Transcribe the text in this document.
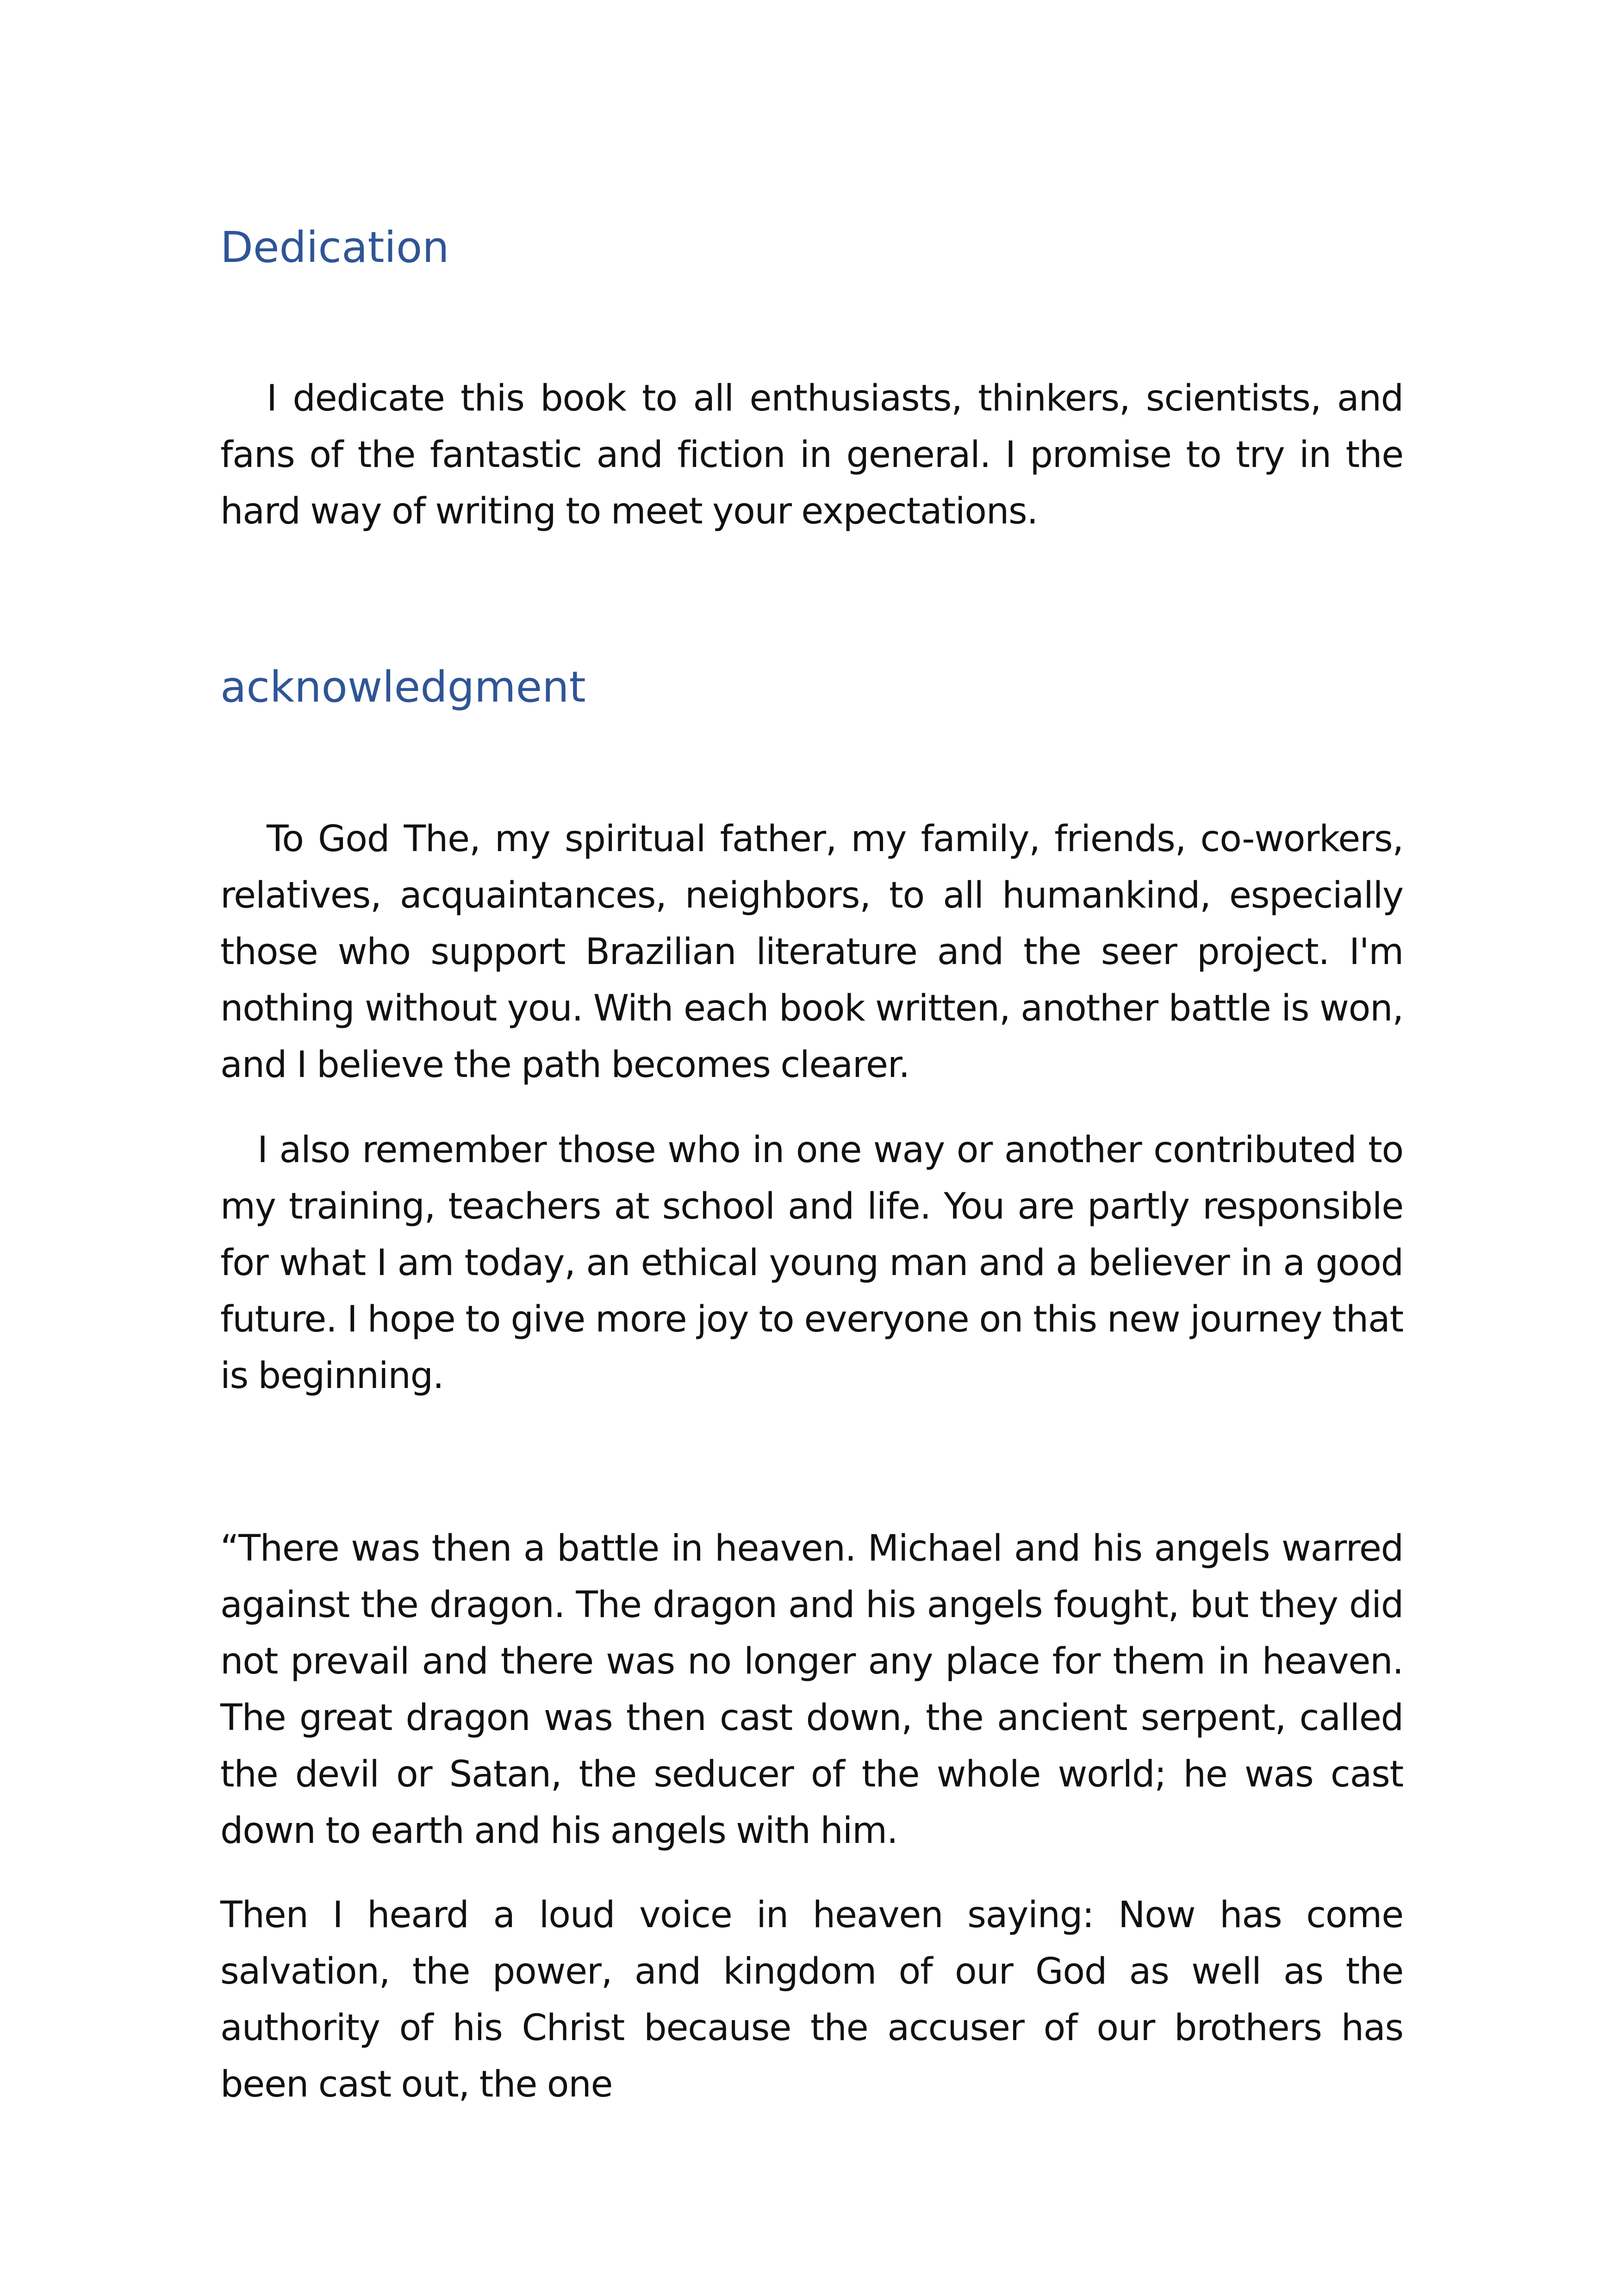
Dedication

I dedicate this book to all enthusiasts, thinkers, scientists, and fans of the fantastic and fiction in general. I promise to try in the hard way of writing to meet your expectations.

acknowledgment

To God The, my spiritual father, my family, friends, co-workers, relatives, acquaintances, neighbors, to all humankind, especially those who support Brazilian literature and the seer project. I'm nothing without you. With each book written, another battle is won, and I believe the path becomes clearer.

I also remember those who in one way or another contributed to my training, teachers at school and life. You are partly responsible for what I am today, an ethical young man and a believer in a good future. I hope to give more joy to everyone on this new journey that is beginning.

“There was then a battle in heaven. Michael and his angels warred against the dragon. The dragon and his angels fought, but they did not prevail and there was no longer any place for them in heaven. The great dragon was then cast down, the ancient serpent, called the devil or Satan, the seducer of the whole world; he was cast down to earth and his angels with him.

Then I heard a loud voice in heaven saying: Now has come salvation, the power, and kingdom of our God as well as the authority of his Christ because the accuser of our brothers has been cast out, the one
